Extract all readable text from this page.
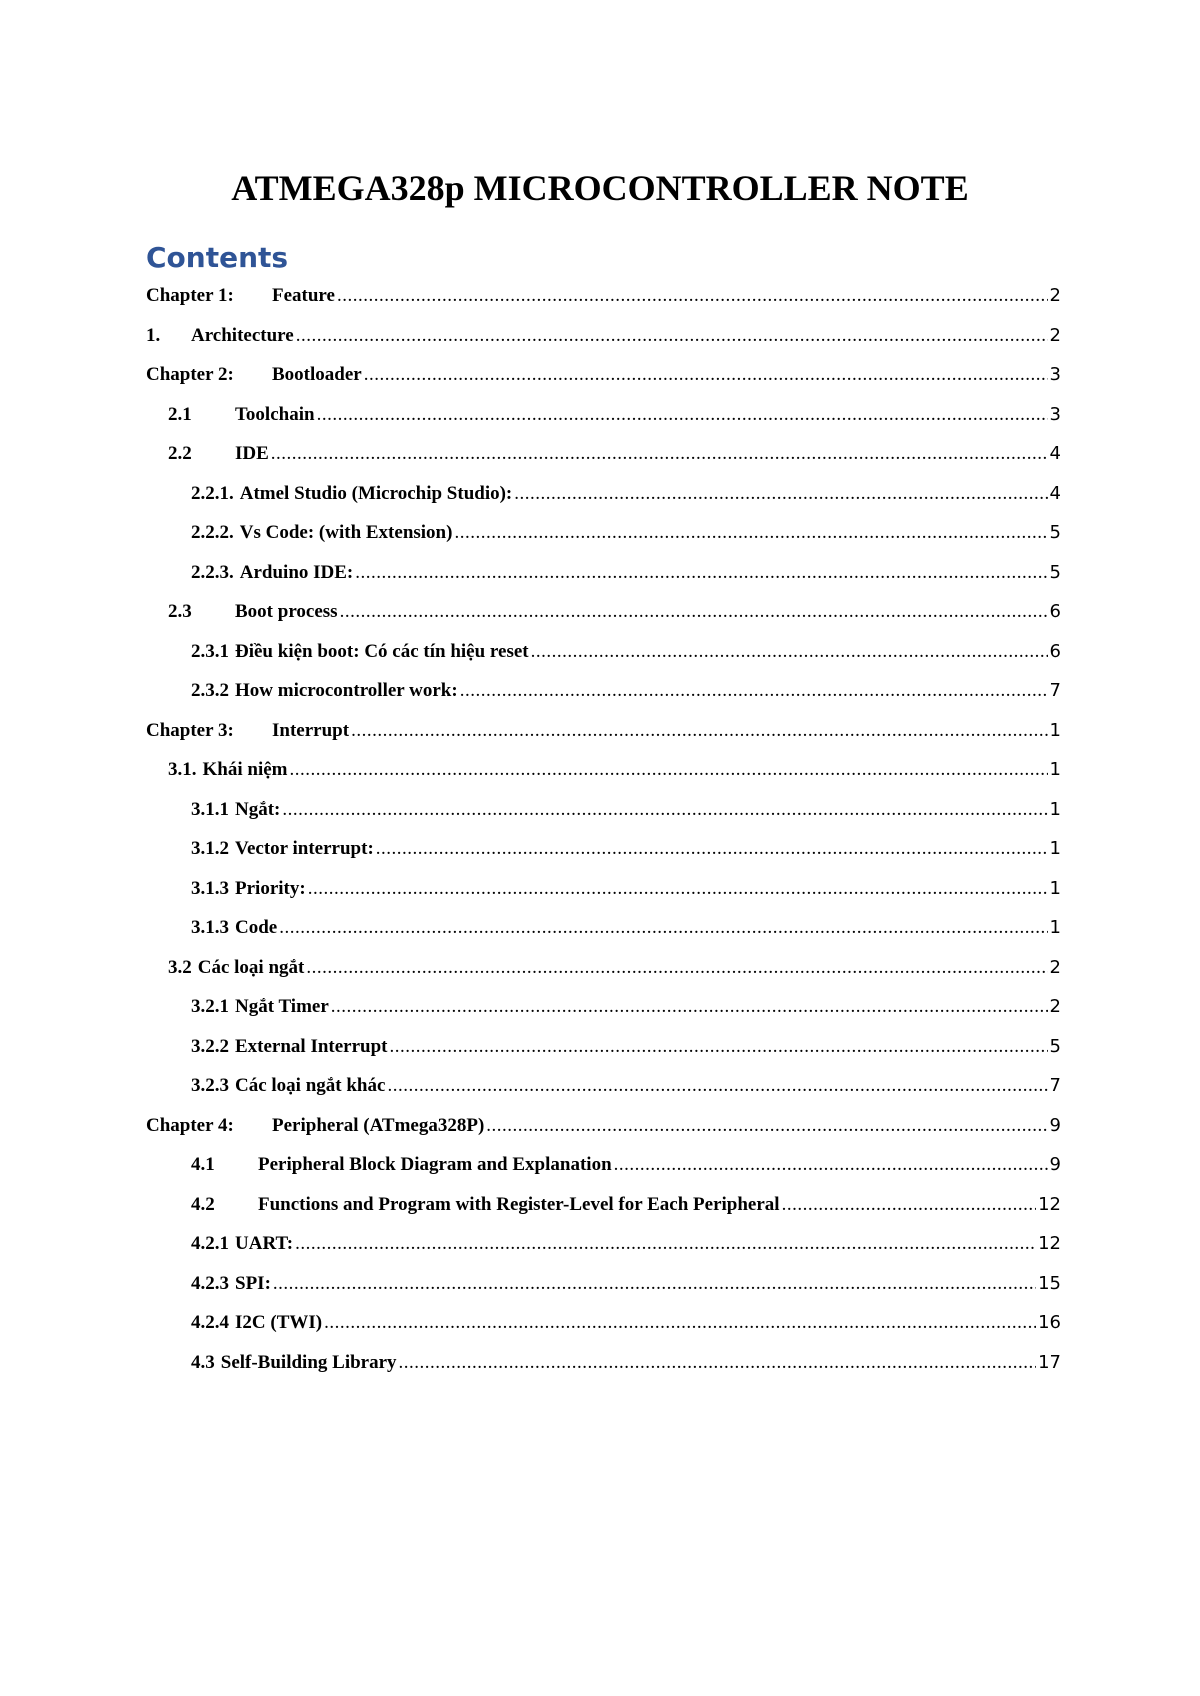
ATMEGA328p MICROCONTROLLER NOTE
Contents
Chapter 1:	Feature .....	2
1.	Architecture .....	2
Chapter 2:	Bootloader .....	3
2.1	Toolchain .....	3
2.2	IDE .....	4
2.2.1. Atmel Studio (Microchip Studio): .....	4
2.2.2. Vs Code: (with Extension) .....	5
2.2.3. Arduino IDE: .....	5
2.3	Boot process .....	6
2.3.1 Điều kiện boot: Có các tín hiệu reset .....	6
2.3.2 How microcontroller work: .....	7
Chapter 3:	Interrupt .....	1
3.1. Khái niệm .....	1
3.1.1 Ngắt: .....	1
3.1.2 Vector interrupt: .....	1
3.1.3 Priority: .....	1
3.1.3 Code .....	1
3.2 Các loại ngắt .....	2
3.2.1 Ngắt Timer .....	2
3.2.2 External Interrupt .....	5
3.2.3 Các loại ngắt khác .....	7
Chapter 4:	Peripheral (ATmega328P) .....	9
4.1	Peripheral Block Diagram and Explanation .....	9
4.2	Functions and Program with Register-Level for Each Peripheral .....	12
4.2.1 UART: .....	12
4.2.3 SPI: .....	15
4.2.4 I2C (TWI) .....	16
4.3 Self-Building Library .....	17
